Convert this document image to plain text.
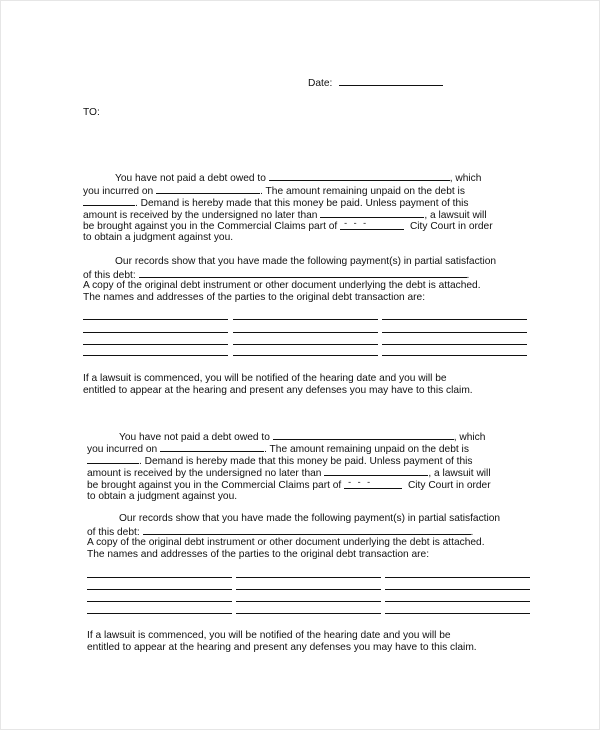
Date:
TO:
You have not paid a debt owed to	, which
you incurred on	. The amount remaining unpaid on the debt is
. Demand is hereby made that this money be paid. Unless payment of this
amount is received by the undersigned no later than	, a lawsuit will
be brought against you in the Commercial Claims part of - - -	City Court in order
to obtain a judgment against you.
Our records show that you have made the following payment(s) in partial satisfaction
of this debt:	.
A copy of the original debt instrument or other document underlying the debt is attached.
The names and addresses of the parties to the original debt transaction are:
If a lawsuit is commenced, you will be notified of the hearing date and you will be
entitled to appear at the hearing and present any defenses you may have to this claim.
You have not paid a debt owed to	, which
you incurred on	. The amount remaining unpaid on the debt is
. Demand is hereby made that this money be paid. Unless payment of this
amount is received by the undersigned no later than	, a lawsuit will
be brought against you in the Commercial Claims part of - - -	City Court in order
to obtain a judgment against you.
Our records show that you have made the following payment(s) in partial satisfaction
of this debt:	.
A copy of the original debt instrument or other document underlying the debt is attached.
The names and addresses of the parties to the original debt transaction are:
If a lawsuit is commenced, you will be notified of the hearing date and you will be
entitled to appear at the hearing and present any defenses you may have to this claim.
